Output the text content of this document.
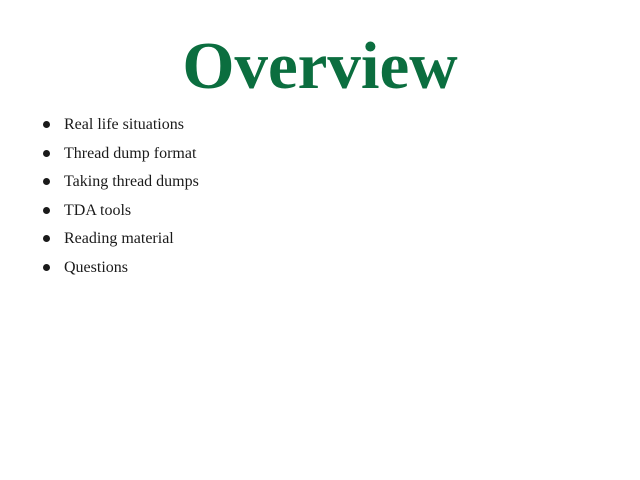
Overview
Real life situations
Thread dump format
Taking thread dumps
TDA tools
Reading material
Questions
